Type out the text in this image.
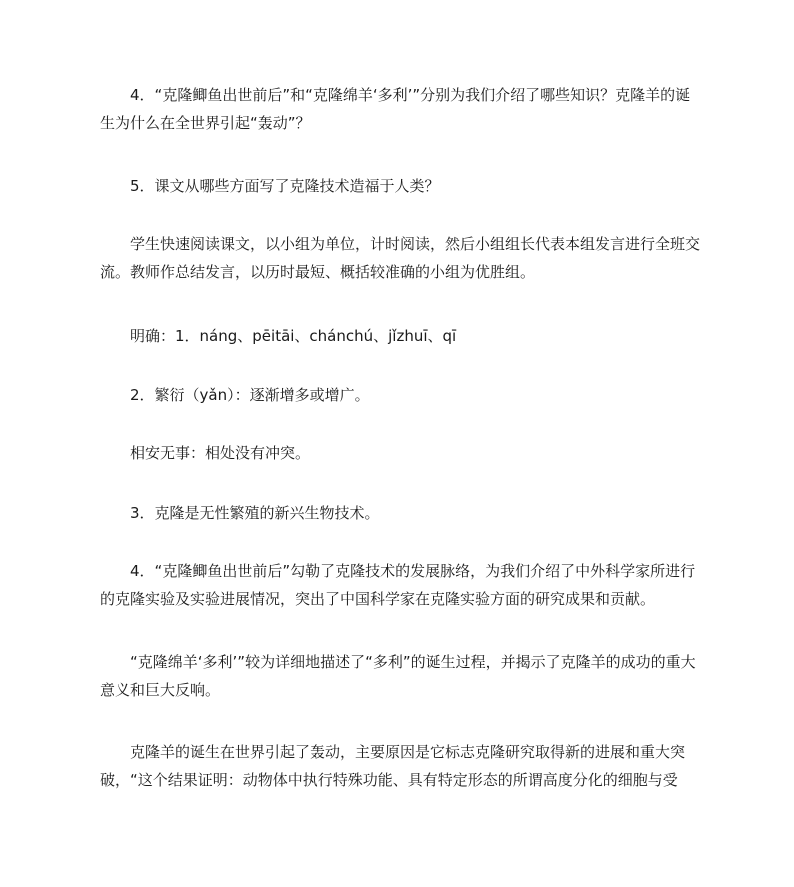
4．“克隆鲫鱼出世前后”和“克隆绵羊‘多利’”分别为我们介绍了哪些知识？克隆羊的诞生为什么在全世界引起“轰动”？

5．课文从哪些方面写了克隆技术造福于人类？

学生快速阅读课文，以小组为单位，计时阅读，然后小组组长代表本组发言进行全班交流。教师作总结发言，以历时最短、概括较准确的小组为优胜组。

明确：1．náng、pēitāi、chánchú、jǐzhuī、qī

2．繁衍（yǎn）：逐渐增多或增广。

相安无事：相处没有冲突。

3．克隆是无性繁殖的新兴生物技术。

4．“克隆鲫鱼出世前后”勾勒了克隆技术的发展脉络，为我们介绍了中外科学家所进行的克隆实验及实验进展情况，突出了中国科学家在克隆实验方面的研究成果和贡献。

“克隆绵羊‘多利’”较为详细地描述了“多利”的诞生过程，并揭示了克隆羊的成功的重大意义和巨大反响。

克隆羊的诞生在世界引起了轰动，主要原因是它标志克隆研究取得新的进展和重大突破，“这个结果证明：动物体中执行特殊功能、具有特定形态的所谓高度分化的细胞与受
